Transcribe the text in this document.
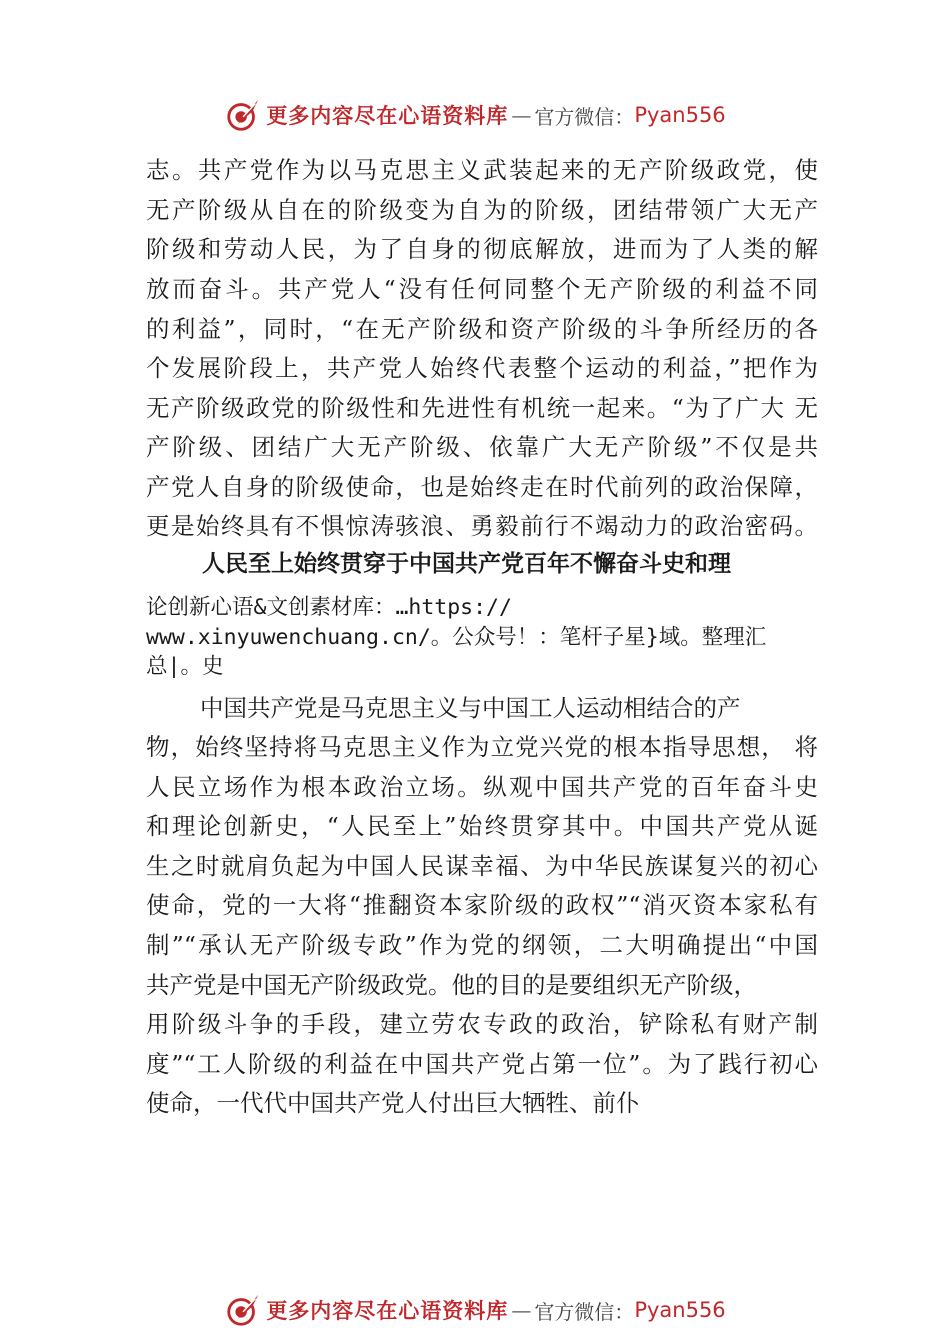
更多内容尽在心语资料库 — 官方微信： Pyan556
志。共产党作为以马克思主义武装起来的无产阶级政党，使
无产阶级从自在的阶级变为自为的阶级，团结带领广大无产
阶级和劳动人民，为了自身的彻底解放，进而为了人类的解
放而奋斗。共产党人“没有任何同整个无产阶级的利益不同
的利益”，同时，“在无产阶级和资产阶级的斗争所经历的各
个发展阶段上，共产党人始终代表整个运动的利益，”把作为
无产阶级政党的阶级性和先进性有机统一起来。“为了广大 无
产阶级、团结广大无产阶级、依靠广大无产阶级”不仅是共
产党人自身的阶级使命，也是始终走在时代前列的政治保障，
更是始终具有不惧惊涛骇浪、勇毅前行不竭动力的政治密码。
人民至上始终贯穿于中国共产党百年不懈奋斗史和理
论创新心语&文创素材库：…https://
www.xinyuwenchuang.cn/。公众号！：笔杆子星}域。整理汇
总|。史
中国共产党是马克思主义与中国工人运动相结合的产
物，始终坚持将马克思主义作为立党兴党的根本指导思想， 将
人民立场作为根本政治立场。纵观中国共产党的百年奋斗史
和理论创新史，“人民至上”始终贯穿其中。中国共产党从诞
生之时就肩负起为中国人民谋幸福、为中华民族谋复兴的初心
使命，党的一大将“推翻资本家阶级的政权”“消灭资本家私有
制”“承认无产阶级专政”作为党的纲领，二大明确提出“中国
共产党是中国无产阶级政党。他的目的是要组织无产阶级，
用阶级斗争的手段，建立劳农专政的政治，铲除私有财产制
度”“工人阶级的利益在中国共产党占第一位”。为了践行初心
使命，一代代中国共产党人付出巨大牺牲、前仆
更多内容尽在心语资料库 — 官方微信： Pyan556
